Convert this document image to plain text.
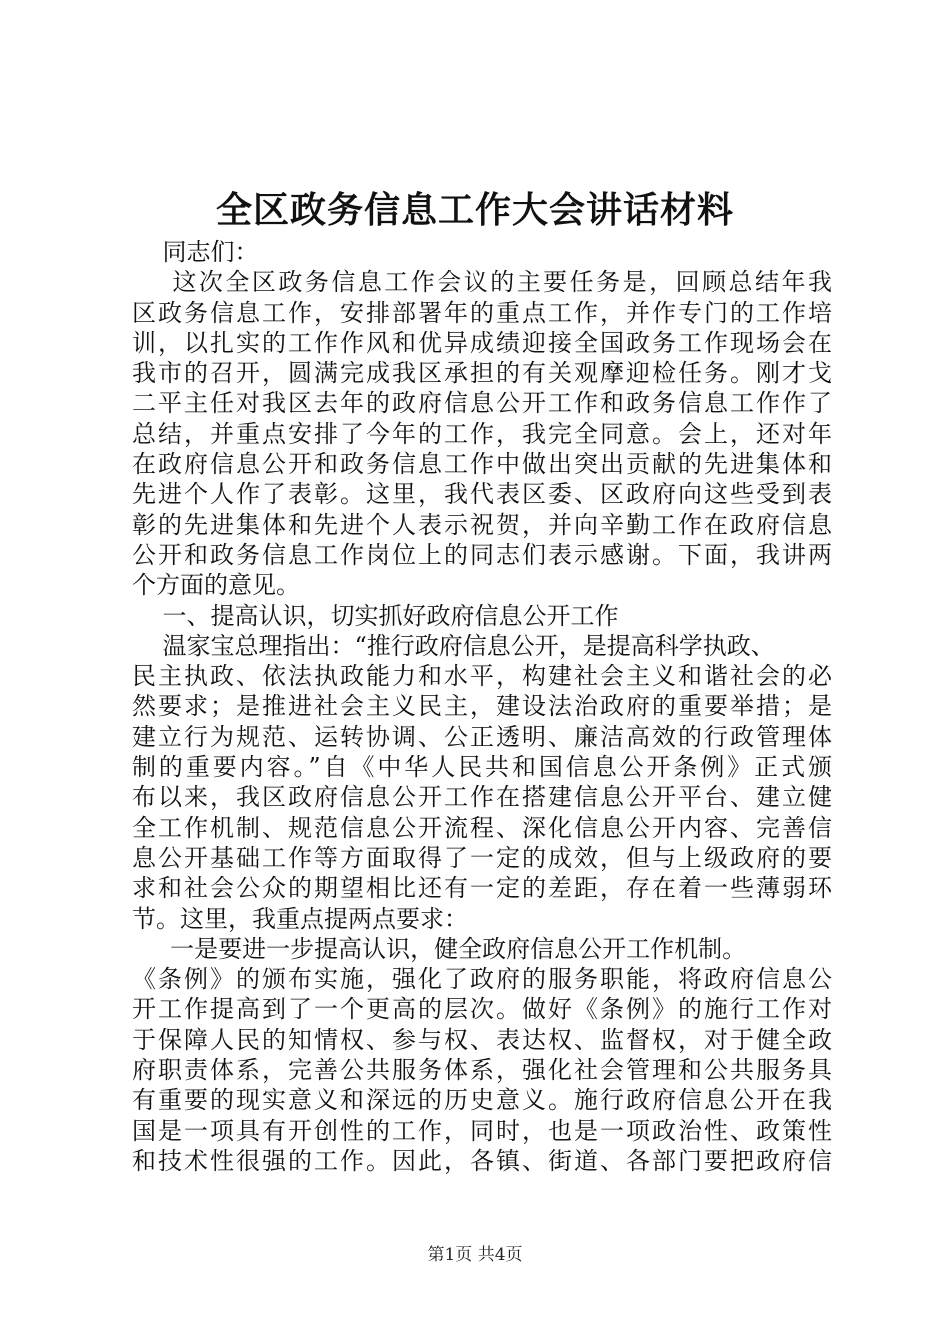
全区政务信息工作大会讲话材料
同志们：
这次全区政务信息工作会议的主要任务是，回顾总结年我
区政务信息工作，安排部署年的重点工作，并作专门的工作培
训，以扎实的工作作风和优异成绩迎接全国政务工作现场会在
我市的召开，圆满完成我区承担的有关观摩迎检任务。刚才戈
二平主任对我区去年的政府信息公开工作和政务信息工作作了
总结，并重点安排了今年的工作，我完全同意。会上，还对年
在政府信息公开和政务信息工作中做出突出贡献的先进集体和
先进个人作了表彰。这里，我代表区委、区政府向这些受到表
彰的先进集体和先进个人表示祝贺，并向辛勤工作在政府信息
公开和政务信息工作岗位上的同志们表示感谢。下面，我讲两
个方面的意见。
一、提高认识，切实抓好政府信息公开工作
温家宝总理指出：“推行政府信息公开，是提高科学执政、
民主执政、依法执政能力和水平，构建社会主义和谐社会的必
然要求；是推进社会主义民主，建设法治政府的重要举措；是
建立行为规范、运转协调、公正透明、廉洁高效的行政管理体
制的重要内容。”自《中华人民共和国信息公开条例》正式颁
布以来，我区政府信息公开工作在搭建信息公开平台、建立健
全工作机制、规范信息公开流程、深化信息公开内容、完善信
息公开基础工作等方面取得了一定的成效，但与上级政府的要
求和社会公众的期望相比还有一定的差距，存在着一些薄弱环
节。这里，我重点提两点要求：
一是要进一步提高认识，健全政府信息公开工作机制。
《条例》的颁布实施，强化了政府的服务职能，将政府信息公
开工作提高到了一个更高的层次。做好《条例》的施行工作对
于保障人民的知情权、参与权、表达权、监督权，对于健全政
府职责体系，完善公共服务体系，强化社会管理和公共服务具
有重要的现实意义和深远的历史意义。施行政府信息公开在我
国是一项具有开创性的工作，同时，也是一项政治性、政策性
和技术性很强的工作。因此，各镇、街道、各部门要把政府信
第1页 共4页
